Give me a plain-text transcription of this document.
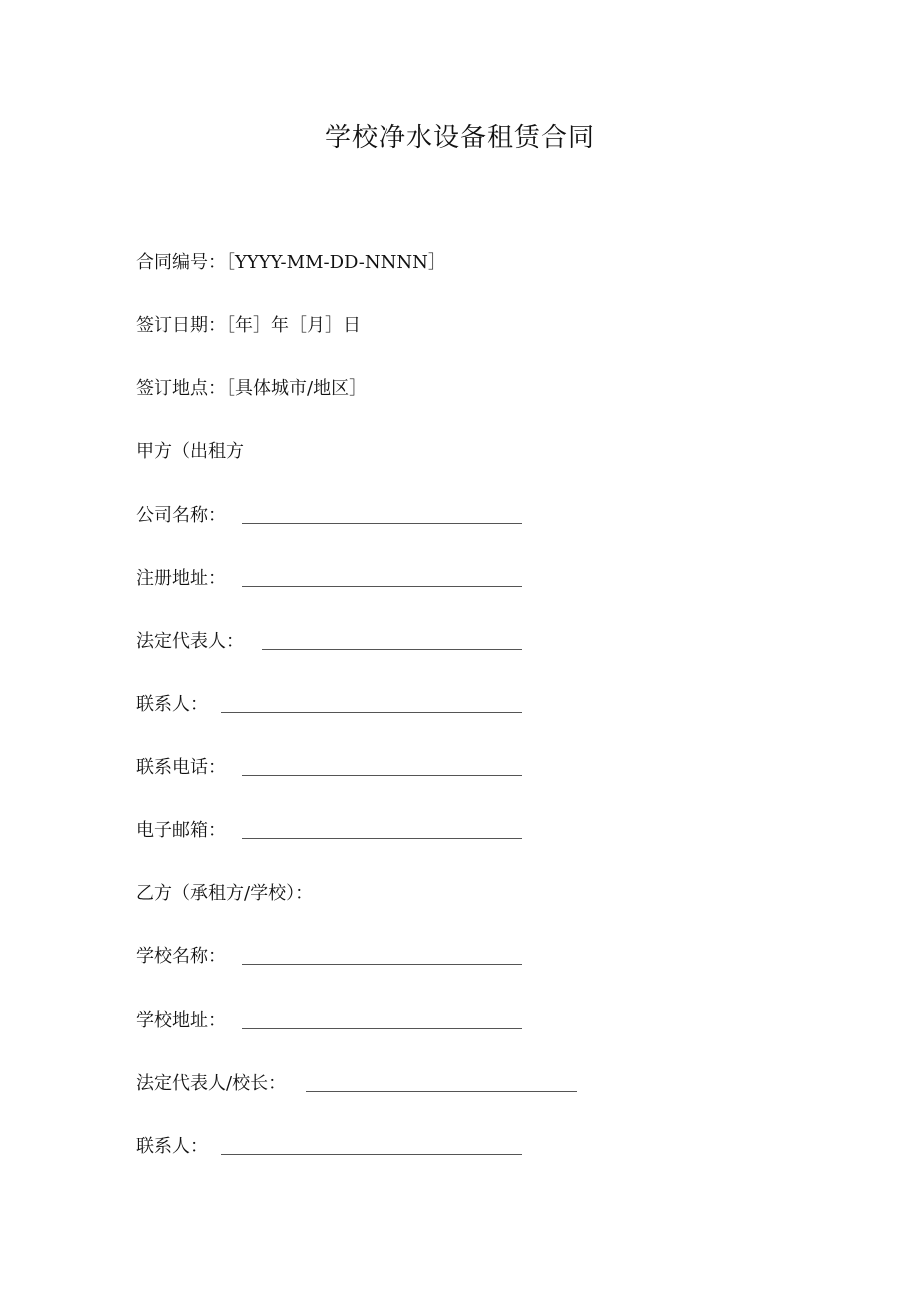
学校净水设备租赁合同
合同编号：［YYYY-MM-DD-NNNN］
签订日期：［年］年［月］日
签订地点：［具体城市/地区］
甲方（出租方
公司名称：
注册地址：
法定代表人：
联系人：
联系电话：
电子邮箱：
乙方（承租方/学校）：
学校名称：
学校地址：
法定代表人/校长：
联系人：
